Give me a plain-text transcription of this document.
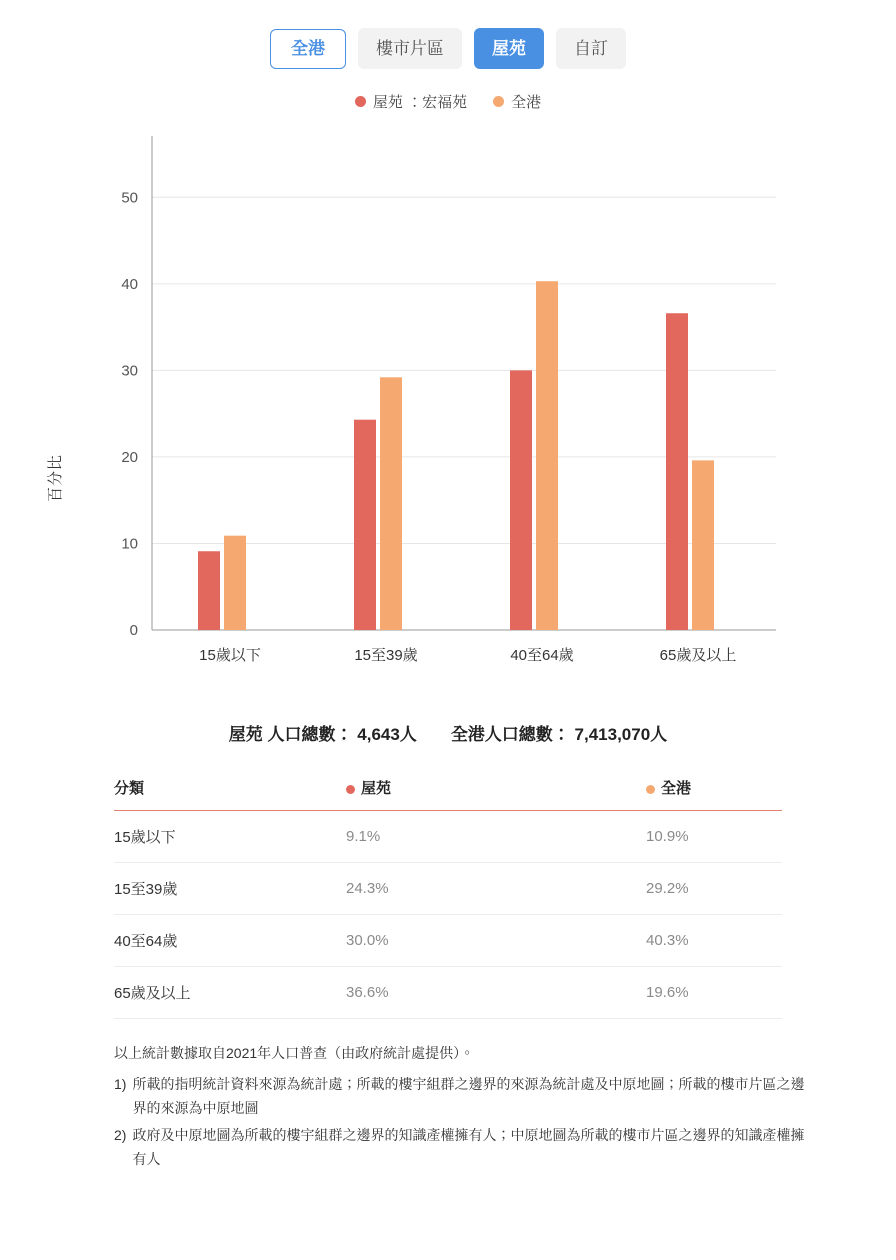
全港	樓市片區	屋苑	自訂
屋苑 ：宏福苑	全港
百分比
0
10
20
30
40
50
15歲以下	15至39歲	40至64歲	65歲及以上
屋苑 人口總數： 4,643人 全港人口總數： 7,413,070人
分類	屋苑	全港
15歲以下	9.1%	10.9%
15至39歲	24.3%	29.2%
40至64歲	30.0%	40.3%
65歲及以上	36.6%	19.6%
以上統計數據取自2021年人口普查（由政府統計處提供）。
1) 所載的指明統計資料來源為統計處；所載的樓宇組群之邊界的來源為統計處及中原地圖；所載的樓市片區之邊界的來源為中原地圖
2) 政府及中原地圖為所載的樓宇組群之邊界的知識產權擁有人；中原地圖為所載的樓市片區之邊界的知識產權擁有人
